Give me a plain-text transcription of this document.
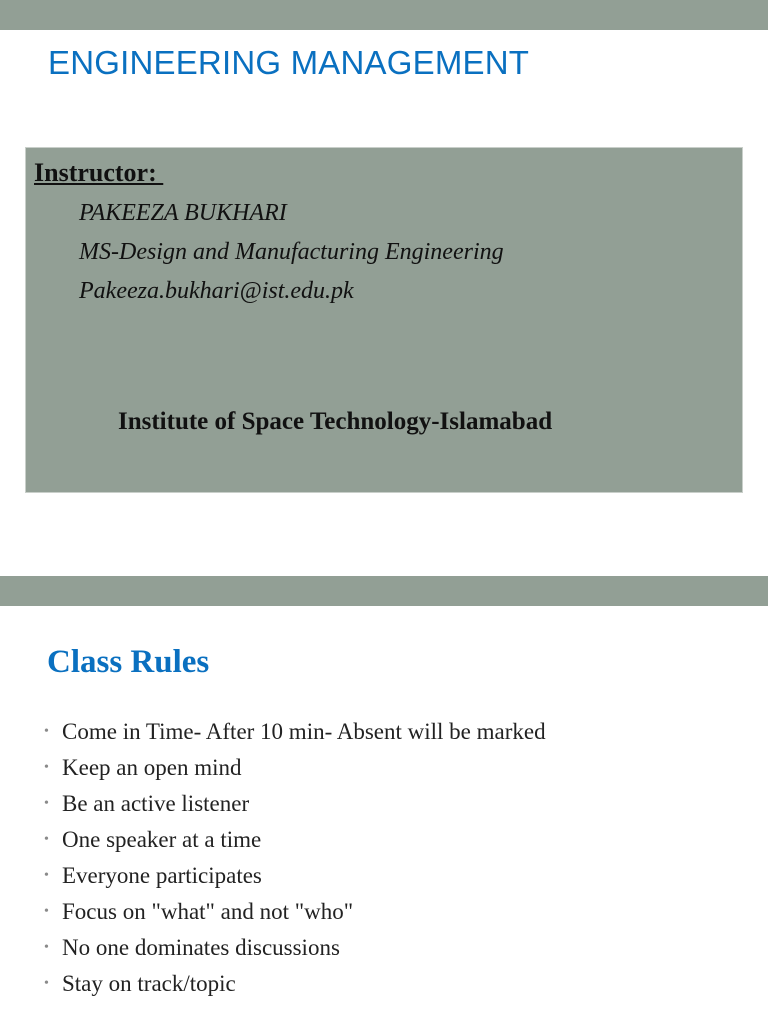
ENGINEERING MANAGEMENT
Instructor:
PAKEEZA BUKHARI
MS-Design and Manufacturing Engineering
Pakeeza.bukhari@ist.edu.pk
Institute of Space Technology-Islamabad
Class Rules
• Come in Time- After 10 min- Absent will be marked
• Keep an open mind
• Be an active listener
• One speaker at a time
• Everyone participates
• Focus on "what" and not "who"
• No one dominates discussions
• Stay on track/topic
